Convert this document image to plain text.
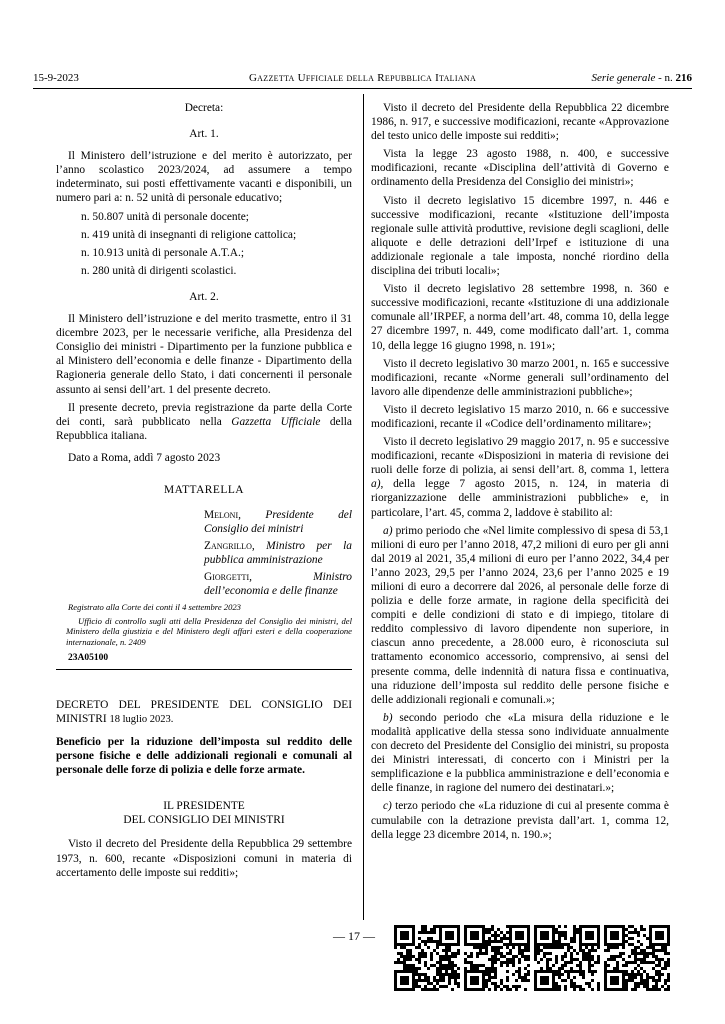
15-9-2023	Gazzetta Ufficiale della Repubblica Italiana	Serie generale - n. 216
Decreta:
Art. 1.

Il Ministero dell’istruzione e del merito è autorizzato, per l’anno scolastico 2023/2024, ad assumere a tempo indeterminato, sui posti effettivamente vacanti e disponibili, un numero pari a: n. 52 unità di personale educativo;

n. 50.807 unità di personale docente;

n. 419 unità di insegnanti di religione cattolica;

n. 10.913 unità di personale A.T.A.;

n. 280 unità di dirigenti scolastici.

Art. 2.

Il Ministero dell’istruzione e del merito trasmette, entro il 31 dicembre 2023, per le necessarie verifiche, alla Presidenza del Consiglio dei ministri - Dipartimento per la funzione pubblica e al Ministero dell’economia e delle finanze - Dipartimento della Ragioneria generale dello Stato, i dati concernenti il personale assunto ai sensi dell’art. 1 del presente decreto.

Il presente decreto, previa registrazione da parte della Corte dei conti, sarà pubblicato nella Gazzetta Ufficiale della Repubblica italiana.

Dato a Roma, addì 7 agosto 2023

MATTARELLA

Meloni, Presidente del Consiglio dei ministri

Zangrillo, Ministro per la pubblica amministrazione

Giorgetti, Ministro dell’economia e delle finanze

Registrato alla Corte dei conti il 4 settembre 2023

Ufficio di controllo sugli atti della Presidenza del Consiglio dei ministri, del Ministero della giustizia e del Ministero degli affari esteri e della cooperazione internazionale, n. 2409

23A05100

DECRETO DEL PRESIDENTE DEL CONSIGLIO DEI MINISTRI 18 luglio 2023.

Beneficio per la riduzione dell’imposta sul reddito delle persone fisiche e delle addizionali regionali e comunali al personale delle forze di polizia e delle forze armate.

IL PRESIDENTE
DEL CONSIGLIO DEI MINISTRI

Visto il decreto del Presidente della Repubblica 29 settembre 1973, n. 600, recante «Disposizioni comuni in materia di accertamento delle imposte sui redditi»;

Visto il decreto del Presidente della Repubblica 22 dicembre 1986, n. 917, e successive modificazioni, recante «Approvazione del testo unico delle imposte sui redditi»;

Vista la legge 23 agosto 1988, n. 400, e successive modificazioni, recante «Disciplina dell’attività di Governo e ordinamento della Presidenza del Consiglio dei ministri»;

Visto il decreto legislativo 15 dicembre 1997, n. 446 e successive modificazioni, recante «Istituzione dell’imposta regionale sulle attività produttive, revisione degli scaglioni, delle aliquote e delle detrazioni dell’Irpef e istituzione di una addizionale regionale a tale imposta, nonché riordino della disciplina dei tributi locali»;

Visto il decreto legislativo 28 settembre 1998, n. 360 e successive modificazioni, recante «Istituzione di una addizionale comunale all’IRPEF, a norma dell’art. 48, comma 10, della legge 27 dicembre 1997, n. 449, come modificato dall’art. 1, comma 10, della legge 16 giugno 1998, n. 191»;

Visto il decreto legislativo 30 marzo 2001, n. 165 e successive modificazioni, recante «Norme generali sull’ordinamento del lavoro alle dipendenze delle amministrazioni pubbliche»;

Visto il decreto legislativo 15 marzo 2010, n. 66 e successive modificazioni, recante il «Codice dell’ordinamento militare»;

Visto il decreto legislativo 29 maggio 2017, n. 95 e successive modificazioni, recante «Disposizioni in materia di revisione dei ruoli delle forze di polizia, ai sensi dell’art. 8, comma 1, lettera a), della legge 7 agosto 2015, n. 124, in materia di riorganizzazione delle amministrazioni pubbliche» e, in particolare, l’art. 45, comma 2, laddove è stabilito al:

a) primo periodo che «Nel limite complessivo di spesa di 53,1 milioni di euro per l’anno 2018, 47,2 milioni di euro per gli anni dal 2019 al 2021, 35,4 milioni di euro per l’anno 2022, 34,4 per l’anno 2023, 29,5 per l’anno 2024, 23,6 per l’anno 2025 e 19 milioni di euro a decorrere dal 2026, al personale delle forze di polizia e delle forze armate, in ragione della specificità dei compiti e delle condizioni di stato e di impiego, titolare di reddito complessivo di lavoro dipendente non superiore, in ciascun anno precedente, a 28.000 euro, è riconosciuta sul trattamento economico accessorio, comprensivo, ai sensi del presente comma, delle indennità di natura fissa e continuativa, una riduzione dell’imposta sul reddito delle persone fisiche e delle addizionali regionali e comunali.»;

b) secondo periodo che «La misura della riduzione e le modalità applicative della stessa sono individuate annualmente con decreto del Presidente del Consiglio dei ministri, su proposta dei Ministri interessati, di concerto con i Ministri per la semplificazione e la pubblica amministrazione e dell’economia e delle finanze, in ragione del numero dei destinatari.»;

c) terzo periodo che «La riduzione di cui al presente comma è cumulabile con la detrazione prevista dall’art. 1, comma 12, della legge 23 dicembre 2014, n. 190.»;

— 17 —
